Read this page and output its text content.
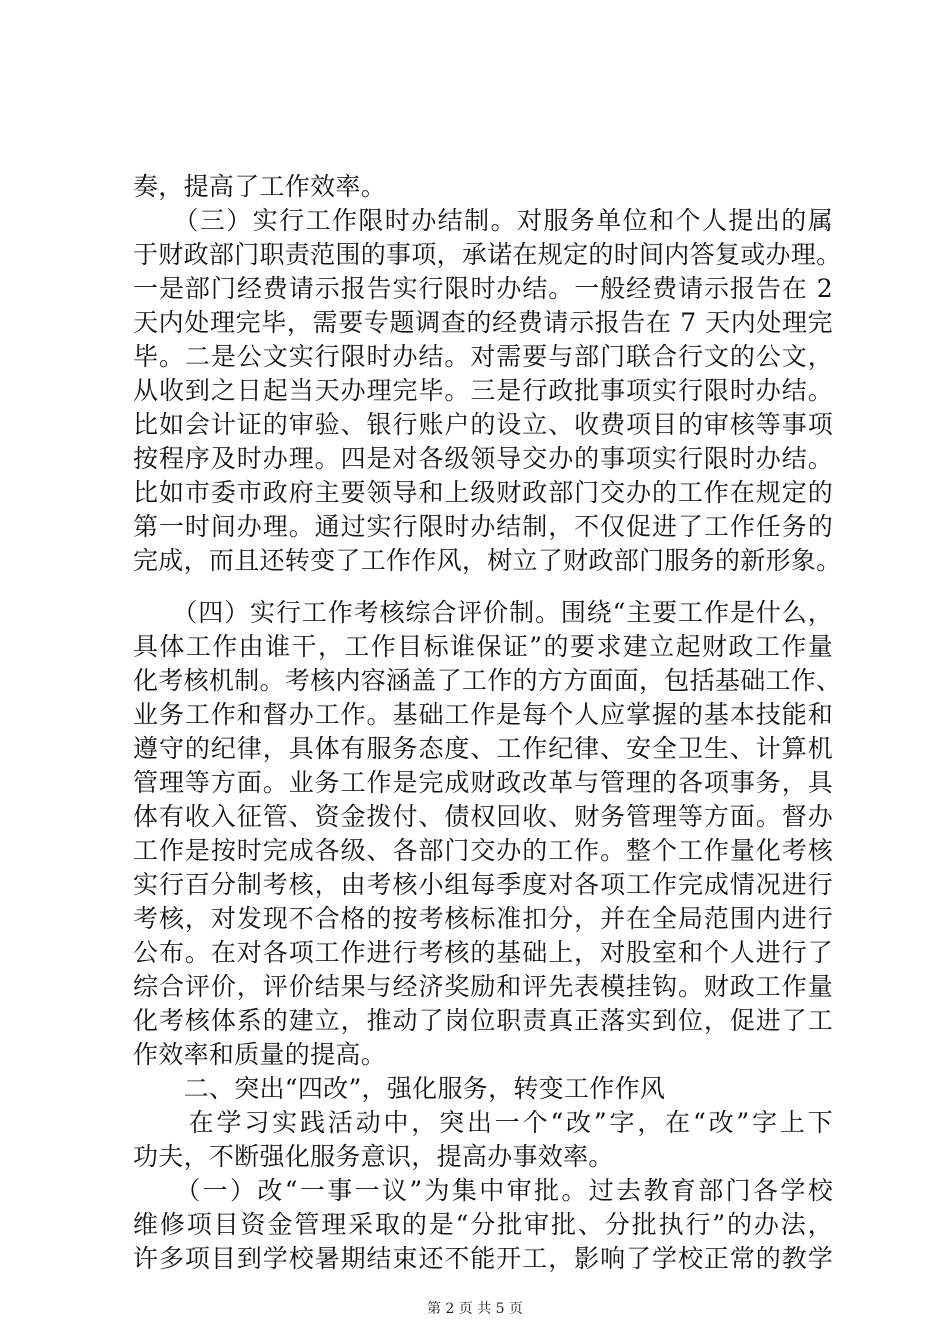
奏，提高了工作效率。
　　（三）实行工作限时办结制。对服务单位和个人提出的属
于财政部门职责范围的事项，承诺在规定的时间内答复或办理。
一是部门经费请示报告实行限时办结。一般经费请示报告在 2
天内处理完毕，需要专题调查的经费请示报告在 7 天内处理完
毕。二是公文实行限时办结。对需要与部门联合行文的公文，
从收到之日起当天办理完毕。三是行政批事项实行限时办结。
比如会计证的审验、银行账户的设立、收费项目的审核等事项
按程序及时办理。四是对各级领导交办的事项实行限时办结。
比如市委市政府主要领导和上级财政部门交办的工作在规定的
第一时间办理。通过实行限时办结制，不仅促进了工作任务的
完成，而且还转变了工作作风，树立了财政部门服务的新形象。
　　（四）实行工作考核综合评价制。围绕“主要工作是什么，
具体工作由谁干，工作目标谁保证”的要求建立起财政工作量
化考核机制。考核内容涵盖了工作的方方面面，包括基础工作、
业务工作和督办工作。基础工作是每个人应掌握的基本技能和
遵守的纪律，具体有服务态度、工作纪律、安全卫生、计算机
管理等方面。业务工作是完成财政改革与管理的各项事务，具
体有收入征管、资金拨付、债权回收、财务管理等方面。督办
工作是按时完成各级、各部门交办的工作。整个工作量化考核
实行百分制考核，由考核小组每季度对各项工作完成情况进行
考核，对发现不合格的按考核标准扣分，并在全局范围内进行
公布。在对各项工作进行考核的基础上，对股室和个人进行了
综合评价，评价结果与经济奖励和评先表模挂钩。财政工作量
化考核体系的建立，推动了岗位职责真正落实到位，促进了工
作效率和质量的提高。
　　二、突出“四改”，强化服务，转变工作作风
　　在学习实践活动中，突出一个“改”字，在“改”字上下
功夫，不断强化服务意识，提高办事效率。
　　（一）改“一事一议”为集中审批。过去教育部门各学校
第 2 页 共 5 页
维修项目资金管理采取的是“分批审批、分批执行”的办法，
许多项目到学校暑期结束还不能开工，影响了学校正常的教学
